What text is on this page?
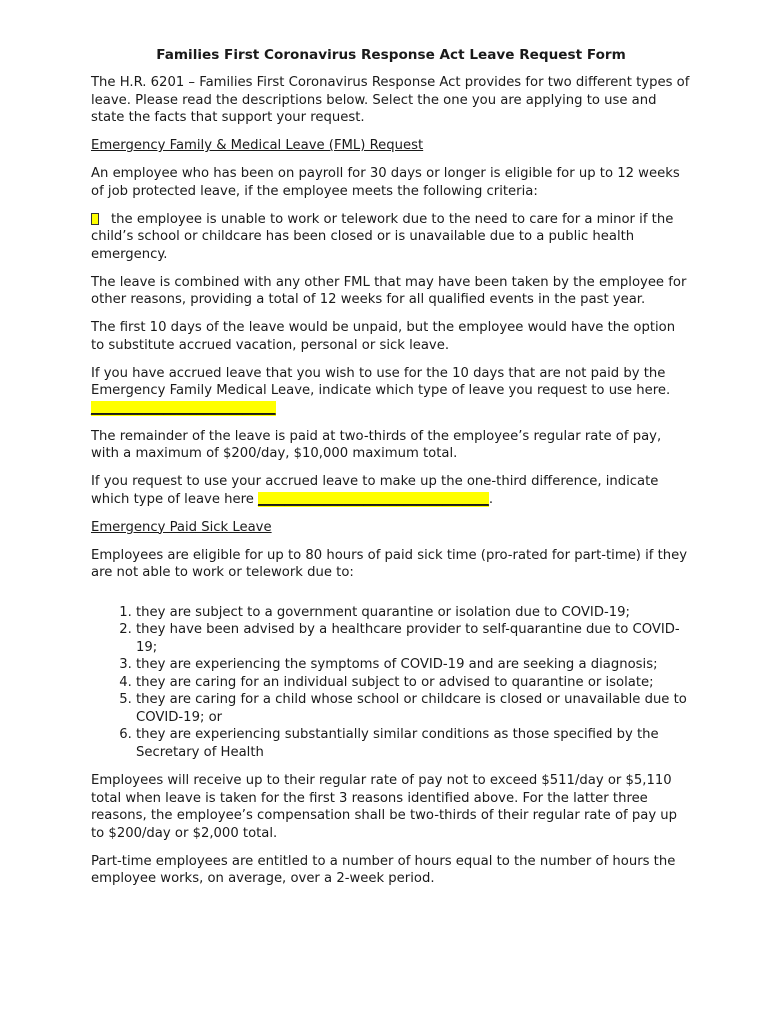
Families First Coronavirus Response Act Leave Request Form

The H.R. 6201 – Families First Coronavirus Response Act provides for two different types of leave. Please read the descriptions below. Select the one you are applying to use and state the facts that support your request.

Emergency Family & Medical Leave (FML) Request

An employee who has been on payroll for 30 days or longer is eligible for up to 12 weeks of job protected leave, if the employee meets the following criteria:

the employee is unable to work or telework due to the need to care for a minor if the child’s school or childcare has been closed or is unavailable due to a public health emergency.

The leave is combined with any other FML that may have been taken by the employee for other reasons, providing a total of 12 weeks for all qualified events in the past year.

The first 10 days of the leave would be unpaid, but the employee would have the option to substitute accrued vacation, personal or sick leave.

If you have accrued leave that you wish to use for the 10 days that are not paid by the Emergency Family Medical Leave, indicate which type of leave you request to use here. ____________________________

The remainder of the leave is paid at two-thirds of the employee’s regular rate of pay, with a maximum of $200/day, $10,000 maximum total.

If you request to use your accrued leave to make up the one-third difference, indicate which type of leave here ___________________________________.

Emergency Paid Sick Leave

Employees are eligible for up to 80 hours of paid sick time (pro-rated for part-time) if they are not able to work or telework due to:

1. they are subject to a government quarantine or isolation due to COVID-19;
2. they have been advised by a healthcare provider to self-quarantine due to COVID-19;
3. they are experiencing the symptoms of COVID-19 and are seeking a diagnosis;
4. they are caring for an individual subject to or advised to quarantine or isolate;
5. they are caring for a child whose school or childcare is closed or unavailable due to COVID-19; or
6. they are experiencing substantially similar conditions as those specified by the Secretary of Health

Employees will receive up to their regular rate of pay not to exceed $511/day or $5,110 total when leave is taken for the first 3 reasons identified above. For the latter three reasons, the employee’s compensation shall be two-thirds of their regular rate of pay up to $200/day or $2,000 total.

Part-time employees are entitled to a number of hours equal to the number of hours the employee works, on average, over a 2-week period.
